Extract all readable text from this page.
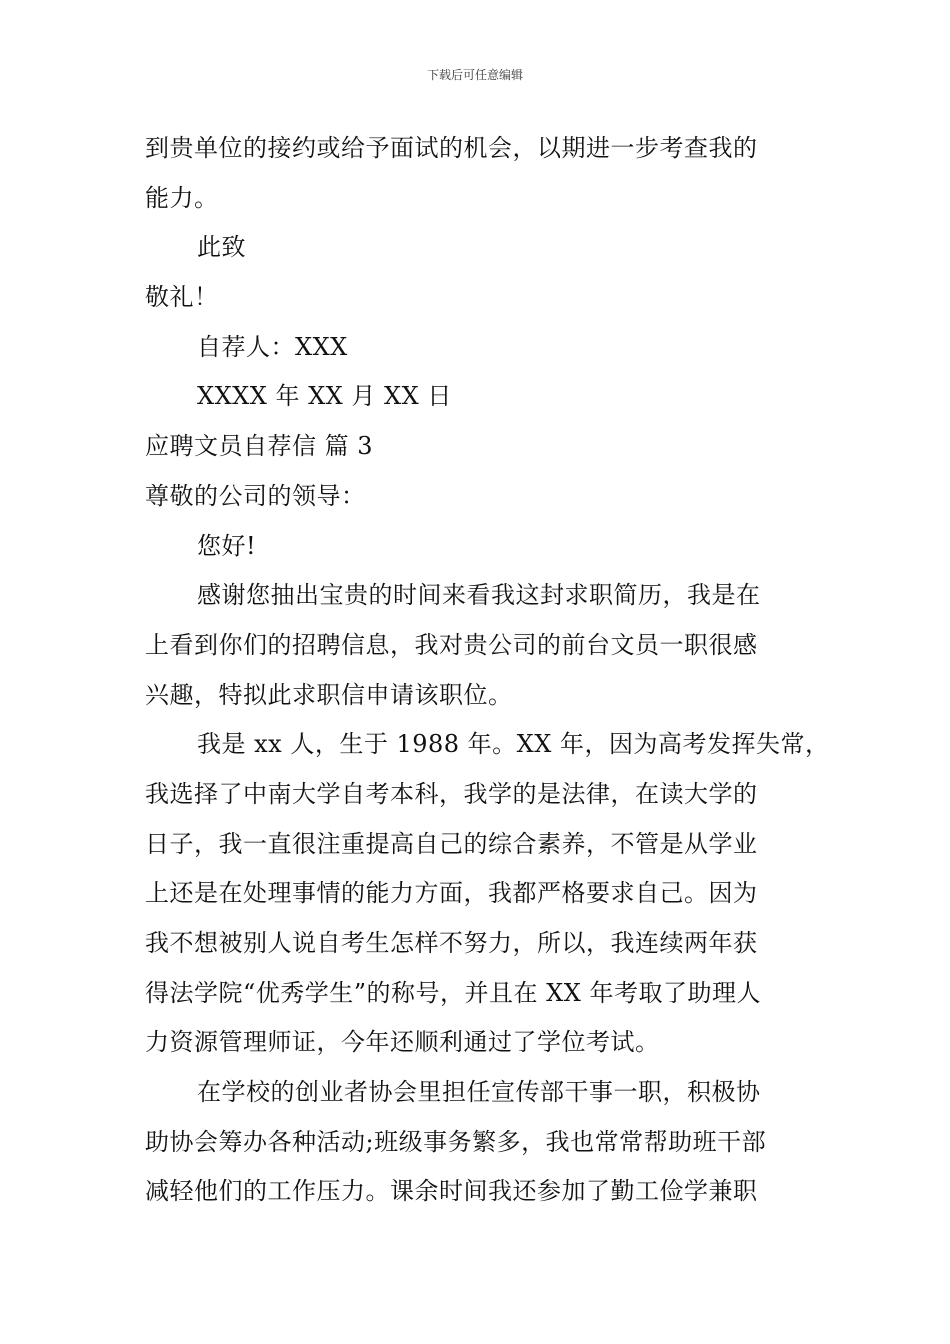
下载后可任意编辑
到贵单位的接约或给予面试的机会，以期进一步考查我的
能力。
此致
敬礼！
自荐人：XXX
XXXX 年 XX 月 XX 日
应聘文员自荐信 篇 3
尊敬的公司的领导：
您好!
感谢您抽出宝贵的时间来看我这封求职简历，我是在
上看到你们的招聘信息，我对贵公司的前台文员一职很感
兴趣，特拟此求职信申请该职位。
我是 xx 人，生于 1988 年。XX 年，因为高考发挥失常，
我选择了中南大学自考本科，我学的是法律，在读大学的
日子，我一直很注重提高自己的综合素养，不管是从学业
上还是在处理事情的能力方面，我都严格要求自己。因为
我不想被别人说自考生怎样不努力，所以，我连续两年获
得法学院“优秀学生”的称号，并且在 XX 年考取了助理人
力资源管理师证，今年还顺利通过了学位考试。
在学校的创业者协会里担任宣传部干事一职，积极协
助协会筹办各种活动;班级事务繁多，我也常常帮助班干部
减轻他们的工作压力。课余时间我还参加了勤工俭学兼职
